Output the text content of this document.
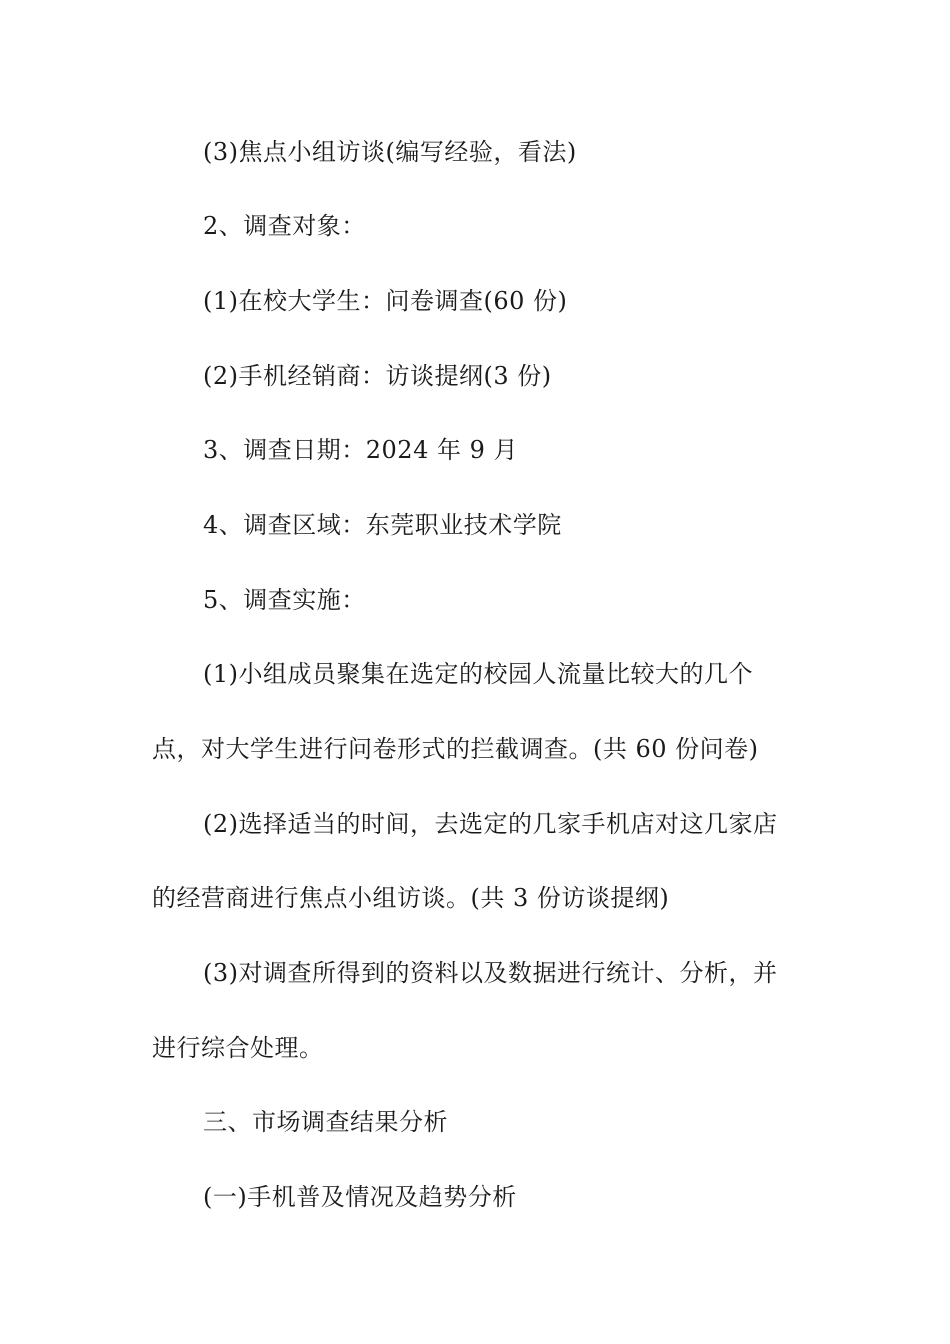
(3)焦点小组访谈(编写经验，看法)
2、调查对象：
(1)在校大学生：问卷调查(60 份)
(2)手机经销商：访谈提纲(3 份)
3、调查日期：2024 年 9 月
4、调查区域：东莞职业技术学院
5、调查实施：
(1)小组成员聚集在选定的校园人流量比较大的几个
点，对大学生进行问卷形式的拦截调查。(共 60 份问卷)
(2)选择适当的时间，去选定的几家手机店对这几家店
的经营商进行焦点小组访谈。(共 3 份访谈提纲)
(3)对调查所得到的资料以及数据进行统计、分析，并
进行综合处理。
三、市场调查结果分析
(一)手机普及情况及趋势分析
